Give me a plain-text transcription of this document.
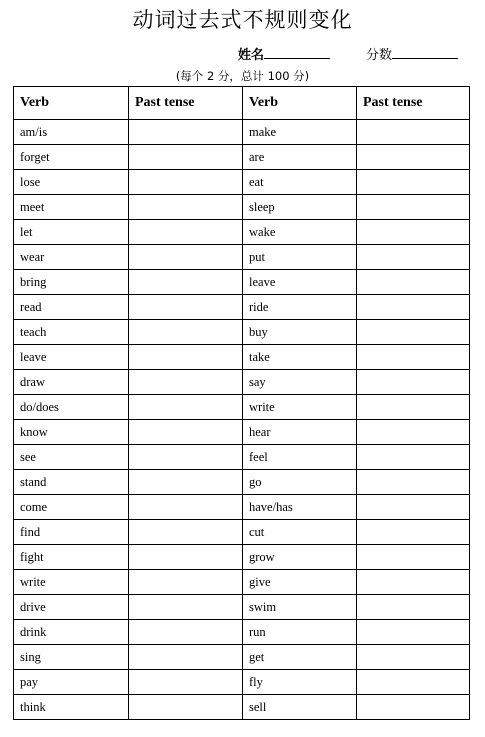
动词过去式不规则变化
姓名	分数
(每个 2 分，总计 100 分)
Verb	Past tense	Verb	Past tense
am/is		make	
forget		are	
lose		eat	
meet		sleep	
let		wake	
wear		put	
bring		leave	
read		ride	
teach		buy	
leave		take	
draw		say	
do/does		write	
know		hear	
see		feel	
stand		go	
come		have/has	
find		cut	
fight		grow	
write		give	
drive		swim	
drink		run	
sing		get	
pay		fly	
think		sell	
